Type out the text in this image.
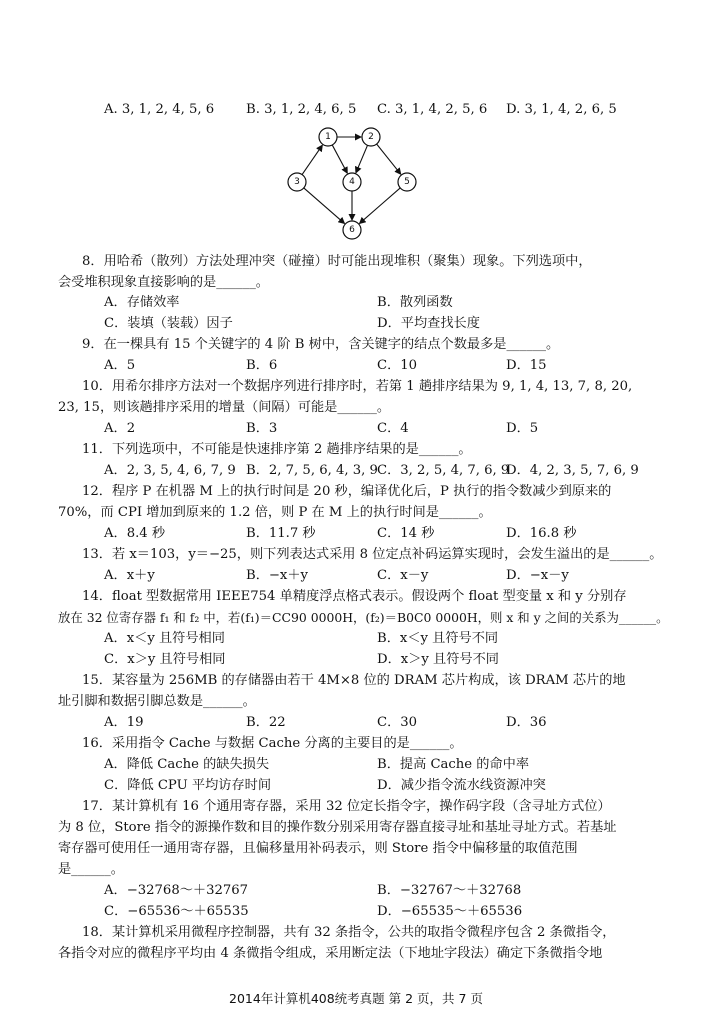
A. 3, 1, 2, 4, 5, 6 B. 3, 1, 2, 4, 6, 5 C. 3, 1, 4, 2, 5, 6 D. 3, 1, 4, 2, 6, 5
1	2
3	4	5
6
8．用哈希（散列）方法处理冲突（碰撞）时可能出现堆积（聚集）现象。下列选项中，
会受堆积现象直接影响的是______。
A．存储效率	B．散列函数
C．装填（装载）因子	D．平均查找长度
9．在一棵具有 15 个关键字的 4 阶 B 树中，含关键字的结点个数最多是______。
A．5	B．6	C．10	D．15
10．用希尔排序方法对一个数据序列进行排序时，若第 1 趟排序结果为 9, 1, 4, 13, 7, 8, 20,
23, 15，则该趟排序采用的增量（间隔）可能是______。
A．2	B．3	C．4	D．5
11．下列选项中，不可能是快速排序第 2 趟排序结果的是______。
A．2, 3, 5, 4, 6, 7, 9 B．2, 7, 5, 6, 4, 3, 9 C．3, 2, 5, 4, 7, 6, 9
D．4, 2, 3, 5, 7, 6, 9
12．程序 P 在机器 M 上的执行时间是 20 秒，编译优化后，P 执行的指令数减少到原来的
70%，而 CPI 增加到原来的 1.2 倍，则 P 在 M 上的执行时间是______。
A．8.4 秒	B．11.7 秒	C．14 秒	D．16.8 秒
13．若 x＝103，y＝−25，则下列表达式采用 8 位定点补码运算实现时，会发生溢出的是______。
A．x＋y	B．−x＋y	C．x－y	D．−x－y
14．float 型数据常用 IEEE754 单精度浮点格式表示。假设两个 float 型变量 x 和 y 分别存
放在 32 位寄存器 f₁ 和 f₂ 中，若(f₁)＝CC90 0000H，(f₂)＝B0C0 0000H，则 x 和 y 之间的关系为______。
A．x＜y 且符号相同	B．x＜y 且符号不同
C．x＞y 且符号相同	D．x＞y 且符号不同
15．某容量为 256MB 的存储器由若干 4M×8 位的 DRAM 芯片构成，该 DRAM 芯片的地
址引脚和数据引脚总数是______。
A．19	B．22	C．30	D．36
16．采用指令 Cache 与数据 Cache 分离的主要目的是______。
A．降低 Cache 的缺失损失	B．提高 Cache 的命中率
C．降低 CPU 平均访存时间	D．减少指令流水线资源冲突
17．某计算机有 16 个通用寄存器，采用 32 位定长指令字，操作码字段（含寻址方式位）
为 8 位，Store 指令的源操作数和目的操作数分别采用寄存器直接寻址和基址寻址方式。若基址
寄存器可使用任一通用寄存器，且偏移量用补码表示，则 Store 指令中偏移量的取值范围
是______。
A．−32768～＋32767	B．−32767～＋32768
C．−65536～＋65535	D．−65535～＋65536
18．某计算机采用微程序控制器，共有 32 条指令，公共的取指令微程序包含 2 条微指令，
各指令对应的微程序平均由 4 条微指令组成，采用断定法（下地址字段法）确定下条微指令地
2014年计算机408统考真题 第 2 页，共 7 页
